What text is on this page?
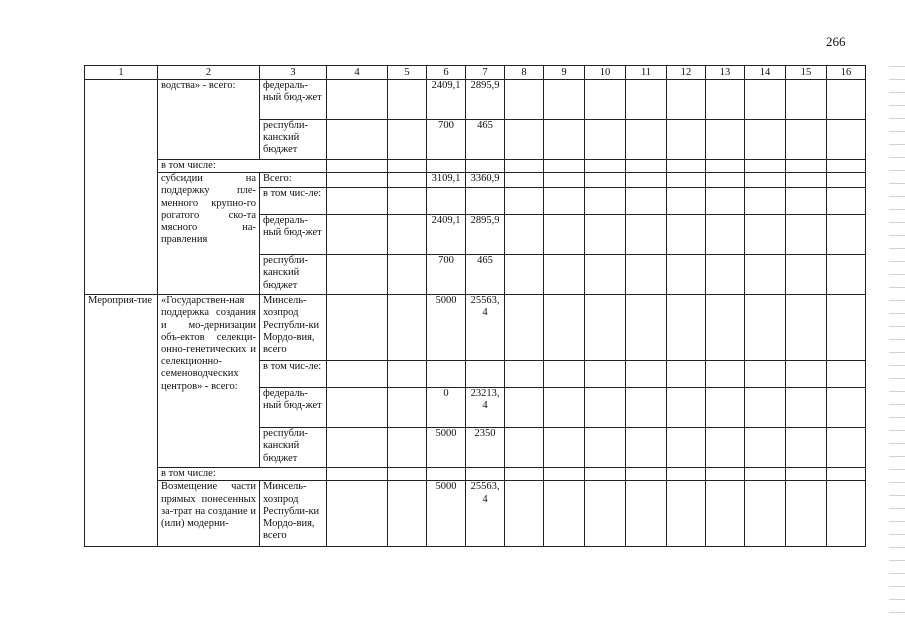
266
1	2	3	4	5	6	7	8	9	10	11	12	13	14	15	16
	водства» - всего:	федераль-ный бюд-жет			2409,1	2895,9									
		республи-канский бюджет			700	465									
	в том числе:														
	субсидии на поддержку пле-менного крупно-го рогатого ско-та мясного на-правления	Всего:			3109,1	3360,9									
		в том чис-ле:													
		федераль-ный бюд-жет			2409,1	2895,9									
		республи-канский бюджет			700	465									
Мероприя-тие	«Государствен-ная поддержка создания и мо-дернизации объ-ектов селекци-онно-генетических и селекционно-семеноводческих центров» - всего:	Минсель-хозпрод Республи-ки Мордо-вия, всего			5000	25563, 4									
		в том чис-ле:													
		федераль-ный бюд-жет			0	23213, 4									
		республи-канский бюджет			5000	2350									
	в том числе:														
	Возмещение части прямых понесенных за-трат на создание и (или) модерни-	Минсель-хозпрод Республи-ки Мордо-вия, всего			5000	25563, 4									
